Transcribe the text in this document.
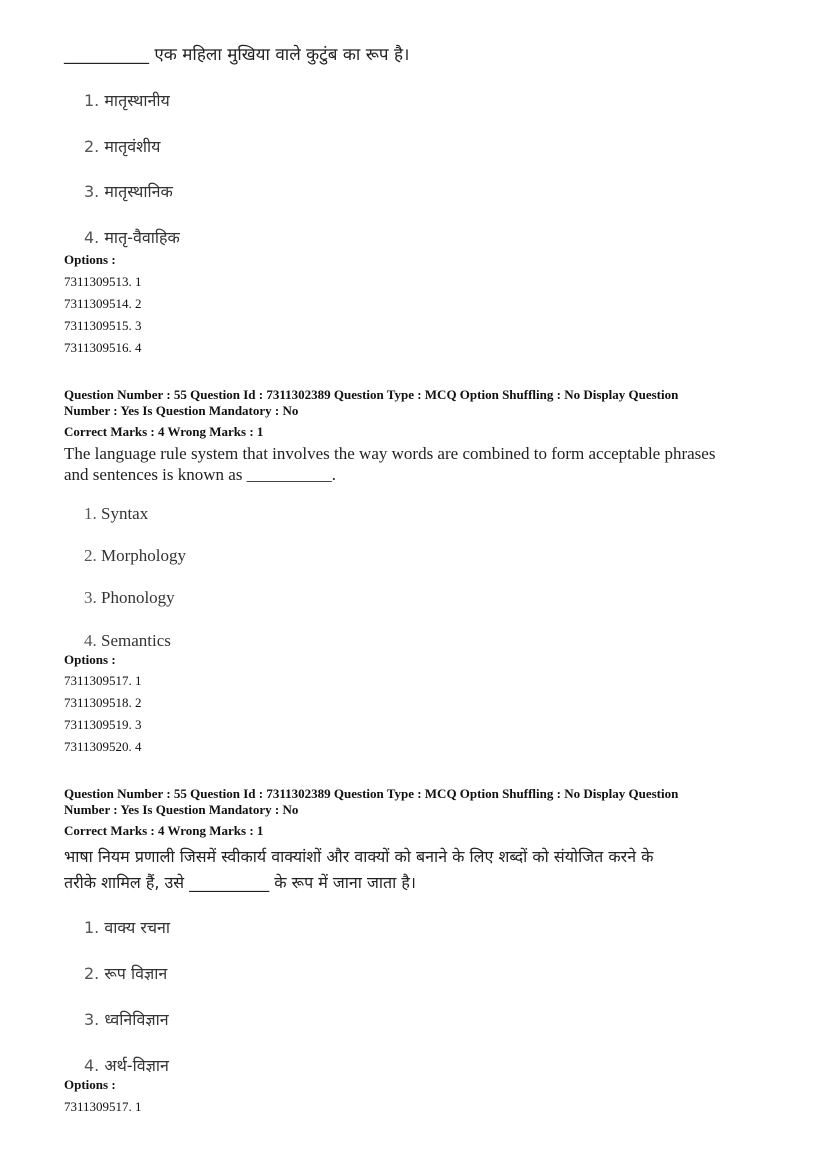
__________ एक महिला मुखिया वाले कुटुंब का रूप है।
1. मातृस्थानीय
2. मातृवंशीय
3. मातृस्थानिक
4. मातृ-वैवाहिक
Options :
7311309513. 1
7311309514. 2
7311309515. 3
7311309516. 4
Question Number : 55 Question Id : 7311302389 Question Type : MCQ Option Shuffling : No Display Question
Number : Yes Is Question Mandatory : No
Correct Marks : 4 Wrong Marks : 1
The language rule system that involves the way words are combined to form acceptable phrases
and sentences is known as __________.
1. Syntax
2. Morphology
3. Phonology
4. Semantics
Options :
7311309517. 1
7311309518. 2
7311309519. 3
7311309520. 4
Question Number : 55 Question Id : 7311302389 Question Type : MCQ Option Shuffling : No Display Question
Number : Yes Is Question Mandatory : No
Correct Marks : 4 Wrong Marks : 1
भाषा नियम प्रणाली जिसमें स्वीकार्य वाक्यांशों और वाक्यों को बनाने के लिए शब्दों को संयोजित करने के
तरीके शामिल हैं, उसे __________ के रूप में जाना जाता है।
1. वाक्य रचना
2. रूप विज्ञान
3. ध्वनिविज्ञान
4. अर्थ-विज्ञान
Options :
7311309517. 1
